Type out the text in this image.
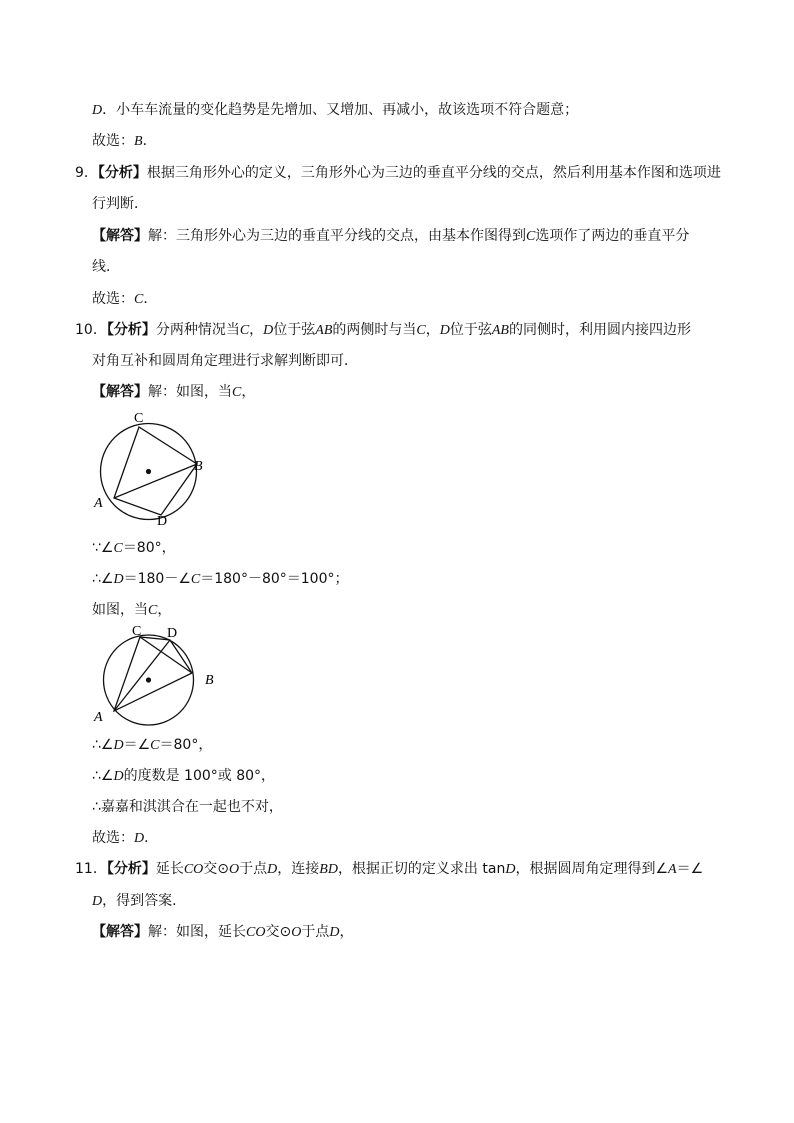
D．小车车流量的变化趋势是先增加、又增加、再减小，故该选项不符合题意；
故选：B．
9．【分析】根据三角形外心的定义，三角形外心为三边的垂直平分线的交点，然后利用基本作图和选项进
行判断．
【解答】解：三角形外心为三边的垂直平分线的交点，由基本作图得到C选项作了两边的垂直平分
线．
故选：C．
10．【分析】分两种情况当C，D位于弦AB的两侧时与当C，D位于弦AB的同侧时，利用圆内接四边形
对角互补和圆周角定理进行求解判断即可．
【解答】解：如图，当C，
C
B
A
D
∵∠C＝80°，
∴∠D＝180－∠C＝180°－80°＝100°；
如图，当C，
C D
B
A
∴∠D＝∠C＝80°，
∴∠D的度数是 100°或 80°，
∴嘉嘉和淇淇合在一起也不对，
故选：D．
11．【分析】延长CO交⊙O于点D，连接BD，根据正切的定义求出 tanD，根据圆周角定理得到∠A＝∠
D，得到答案．
【解答】解：如图，延长CO交⊙O于点D，
